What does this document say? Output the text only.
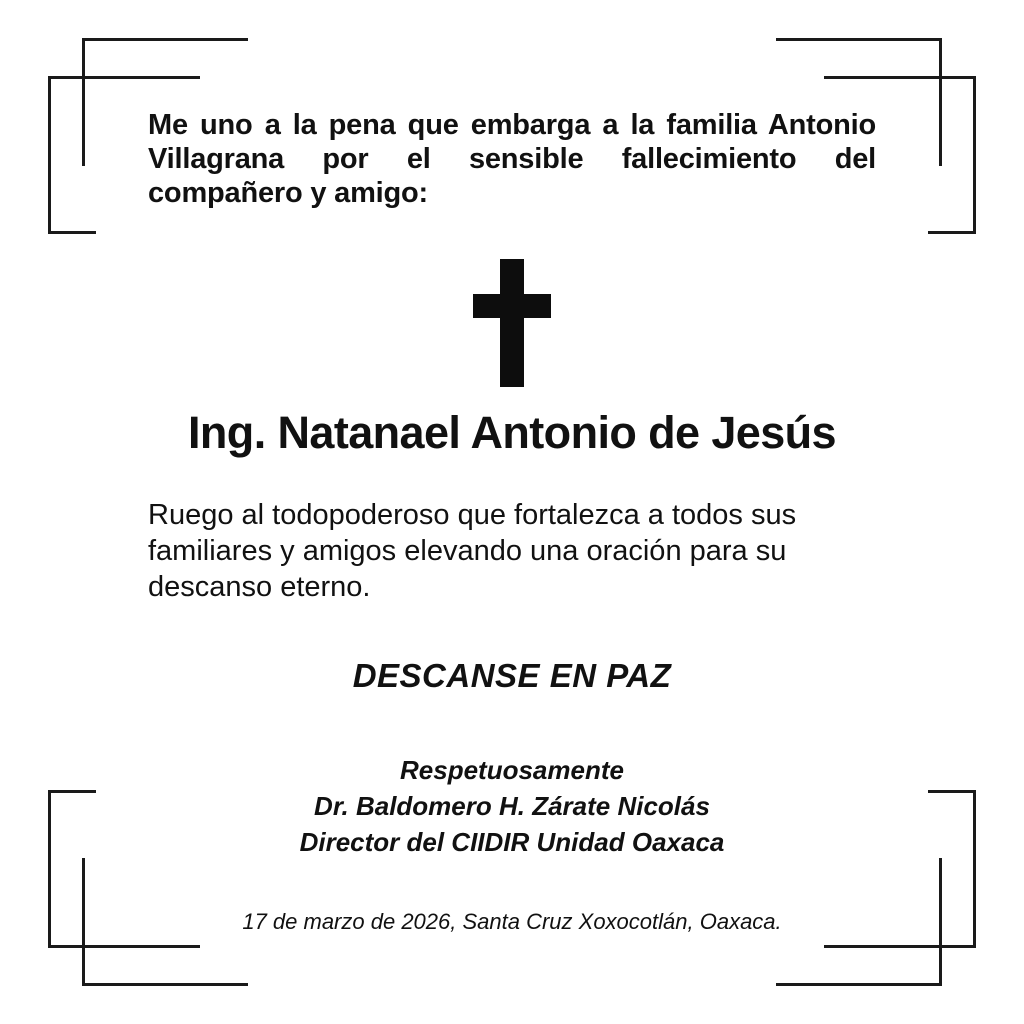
Me uno a la pena que embarga a la familia Antonio Villagrana por el sensible fallecimiento del compañero y amigo:

Ing. Natanael Antonio de Jesús

Ruego al todopoderoso que fortalezca a todos sus familiares y amigos elevando una oración para su descanso eterno.

DESCANSE EN PAZ

Respetuosamente
Dr. Baldomero H. Zárate Nicolás
Director del CIIDIR Unidad Oaxaca

17 de marzo de 2026, Santa Cruz Xoxocotlán, Oaxaca.
